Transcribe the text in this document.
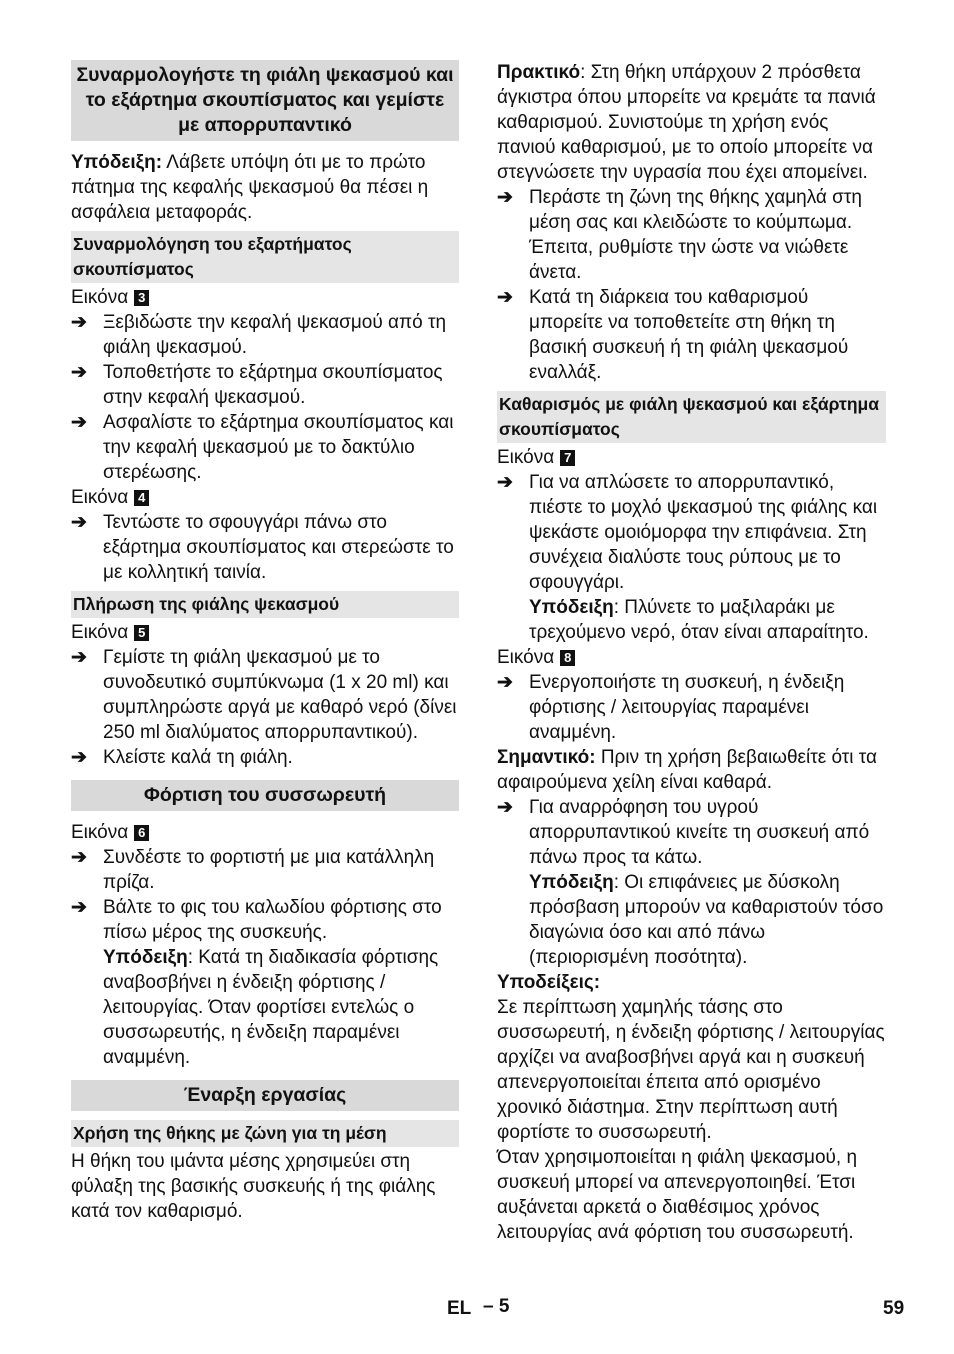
Συναρμολογήστε τη φιάλη ψεκασμού και το εξάρτημα σκουπίσματος και γεμίστε με απορρυπαντικό

Υπόδειξη: Λάβετε υπόψη ότι με το πρώτο πάτημα της κεφαλής ψεκασμού θα πέσει η ασφάλεια μεταφοράς.

Συναρμολόγηση του εξαρτήματος σκουπίσματος

Εικόνα 3

➔ Ξεβιδώστε την κεφαλή ψεκασμού από τη φιάλη ψεκασμού.
➔ Τοποθετήστε το εξάρτημα σκουπίσματος στην κεφαλή ψεκασμού.
➔ Ασφαλίστε το εξάρτημα σκουπίσματος και την κεφαλή ψεκασμού με το δακτύλιο στερέωσης.

Εικόνα 4

➔ Τεντώστε το σφουγγάρι πάνω στο εξάρτημα σκουπίσματος και στερεώστε το με κολλητική ταινία.
Πλήρωση της φιάλης ψεκασμού

Εικόνα 5

➔ Γεμίστε τη φιάλη ψεκασμού με το συνοδευτικό συμπύκνωμα (1 x 20 ml) και συμπληρώστε αργά με καθαρό νερό (δίνει 250 ml διαλύματος απορρυπαντικού).
➔ Κλείστε καλά τη φιάλη.
Φόρτιση του συσσωρευτή

Εικόνα 6

➔ Συνδέστε το φορτιστή με μια κατάλληλη πρίζα.
➔ Βάλτε το φις του καλωδίου φόρτισης στο πίσω μέρος της συσκευής.
Υπόδειξη: Κατά τη διαδικασία φόρτισης αναβοσβήνει η ένδειξη φόρτισης / λειτουργίας. Όταν φορτίσει εντελώς ο συσσωρευτής, η ένδειξη παραμένει αναμμένη.
Έναρξη εργασίας
Χρήση της θήκης με ζώνη για τη μέση

Η θήκη του ιμάντα μέσης χρησιμεύει στη φύλαξη της βασικής συσκευής ή της φιάλης κατά τον καθαρισμό.

Πρακτικό: Στη θήκη υπάρχουν 2 πρόσθετα άγκιστρα όπου μπορείτε να κρεμάτε τα πανιά καθαρισμού. Συνιστούμε τη χρήση ενός πανιού καθαρισμού, με το οποίο μπορείτε να στεγνώσετε την υγρασία που έχει απομείνει.

➔ Περάστε τη ζώνη της θήκης χαμηλά στη μέση σας και κλειδώστε το κούμπωμα. Έπειτα, ρυθμίστε την ώστε να νιώθετε άνετα.
➔ Κατά τη διάρκεια του καθαρισμού μπορείτε να τοποθετείτε στη θήκη τη βασική συσκευή ή τη φιάλη ψεκασμού εναλλάξ.
Καθαρισμός με φιάλη ψεκασμού και εξάρτημα σκουπίσματος

Εικόνα 7

➔ Για να απλώσετε το απορρυπαντικό, πιέστε το μοχλό ψεκασμού της φιάλης και ψεκάστε ομοιόμορφα την επιφάνεια. Στη συνέχεια διαλύστε τους ρύπους με το σφουγγάρι.
Υπόδειξη: Πλύνετε το μαξιλαράκι με τρεχούμενο νερό, όταν είναι απαραίτητο.

Εικόνα 8

➔ Ενεργοποιήστε τη συσκευή, η ένδειξη φόρτισης / λειτουργίας παραμένει αναμμένη.

Σημαντικό: Πριν τη χρήση βεβαιωθείτε ότι τα αφαιρούμενα χείλη είναι καθαρά.

➔ Για αναρρόφηση του υγρού απορρυπαντικού κινείτε τη συσκευή από πάνω προς τα κάτω.
Υπόδειξη: Οι επιφάνειες με δύσκολη πρόσβαση μπορούν να καθαριστούν τόσο διαγώνια όσο και από πάνω (περιορισμένη ποσότητα).

Υποδείξεις:

Σε περίπτωση χαμηλής τάσης στο συσσωρευτή, η ένδειξη φόρτισης / λειτουργίας αρχίζει να αναβοσβήνει αργά και η συσκευή απενεργοποιείται έπειτα από ορισμένο χρονικό διάστημα. Στην περίπτωση αυτή φορτίστε το συσσωρευτή.

Όταν χρησιμοποιείται η φιάλη ψεκασμού, η συσκευή μπορεί να απενεργοποιηθεί. Έτσι αυξάνεται αρκετά ο διαθέσιμος χρόνος λειτουργίας ανά φόρτιση του συσσωρευτή.

EL – 5	59
